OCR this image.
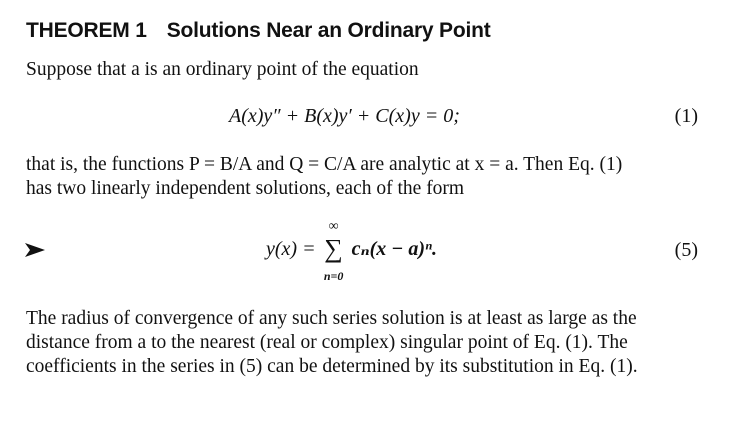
THEOREM 1 Solutions Near an Ordinary Point
Suppose that a is an ordinary point of the equation
A(x)y″ + B(x)y′ + C(x)y = 0;	(1)
that is, the functions P = B/A and Q = C/A are analytic at x = a. Then Eq. (1)
has two linearly independent solutions, each of the form
y(x) =
∞
∑
n=0
cₙ(x − a)ⁿ.	(5)
The radius of convergence of any such series solution is at least as large as the
distance from a to the nearest (real or complex) singular point of Eq. (1). The
coefficients in the series in (5) can be determined by its substitution in Eq. (1).
